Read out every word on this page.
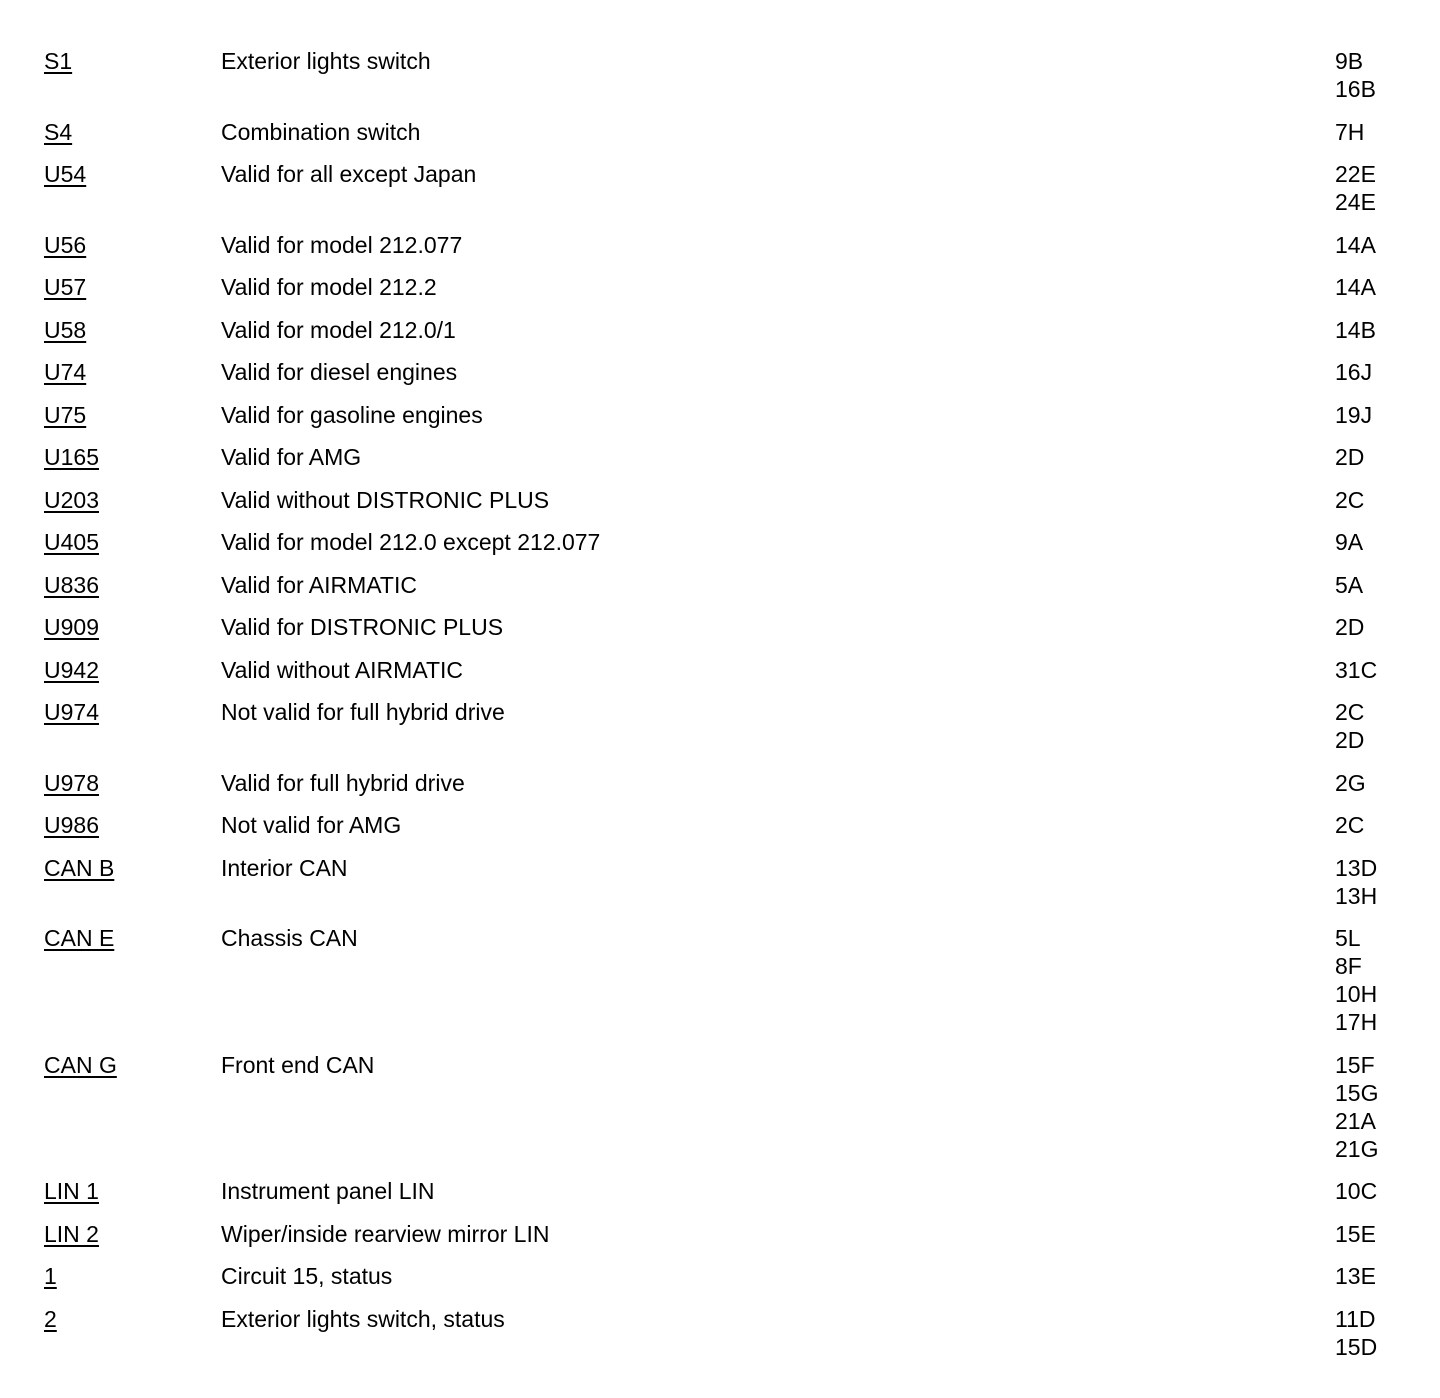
S1	Exterior lights switch	9B
16B
S4	Combination switch	7H
U54	Valid for all except Japan	22E
24E
U56	Valid for model 212.077	14A
U57	Valid for model 212.2	14A
U58	Valid for model 212.0/1	14B
U74	Valid for diesel engines	16J
U75	Valid for gasoline engines	19J
U165	Valid for AMG	2D
U203	Valid without DISTRONIC PLUS	2C
U405	Valid for model 212.0 except 212.077	9A
U836	Valid for AIRMATIC	5A
U909	Valid for DISTRONIC PLUS	2D
U942	Valid without AIRMATIC	31C
U974	Not valid for full hybrid drive	2C
2D
U978	Valid for full hybrid drive	2G
U986	Not valid for AMG	2C
CAN B	Interior CAN	13D
13H
CAN E	Chassis CAN	5L
8F
10H
17H
CAN G	Front end CAN	15F
15G
21A
21G
LIN 1	Instrument panel LIN	10C
LIN 2	Wiper/inside rearview mirror LIN	15E
1	Circuit 15, status	13E
2	Exterior lights switch, status	11D
15D
